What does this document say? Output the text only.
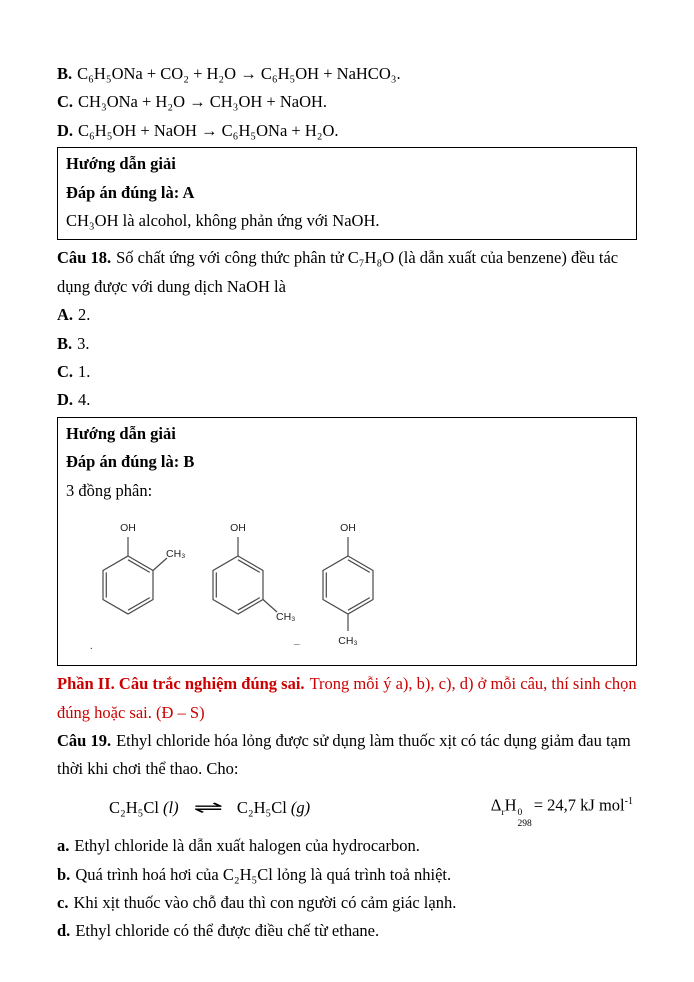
B. C₆H₅ONa + CO₂ + H₂O → C₆H₅OH + NaHCO₃.
C. CH₃ONa + H₂O → CH₃OH + NaOH.
D. C₆H₅OH + NaOH → C₆H₅ONa + H₂O.
Hướng dẫn giải
Đáp án đúng là: A
CH₃OH là alcohol, không phản ứng với NaOH.

Câu 18. Số chất ứng với công thức phân tử C₇H₈O (là dẫn xuất của benzene) đều tác dụng được với dung dịch NaOH là

A. 2.
B. 3.
C. 1.
D. 4.
Hướng dẫn giải
Đáp án đúng là: B
3 đồng phân:
OH
CH₃
OH
CH₃
OH
CH₃
.	–

Phần II. Câu trắc nghiệm đúng sai. Trong mỗi ý a), b), c), d) ở mỗi câu, thí sinh chọn đúng hoặc sai. (Đ – S)

Câu 19. Ethyl chloride hóa lỏng được sử dụng làm thuốc xịt có tác dụng giảm đau tạm thời khi chơi thể thao. Cho:

C₂H₅Cl (l) ⇌ C₂H₅Cl (g)	$\Delta_rH$ 0
298
= 24,7 kJ mol$^{-1}$
a. Ethyl chloride là dẫn xuất halogen của hydrocarbon.
b. Quá trình hoá hơi của C₂H₅Cl lỏng là quá trình toả nhiệt.
c. Khi xịt thuốc vào chỗ đau thì con người có cảm giác lạnh.
d. Ethyl chloride có thể được điều chế từ ethane.
